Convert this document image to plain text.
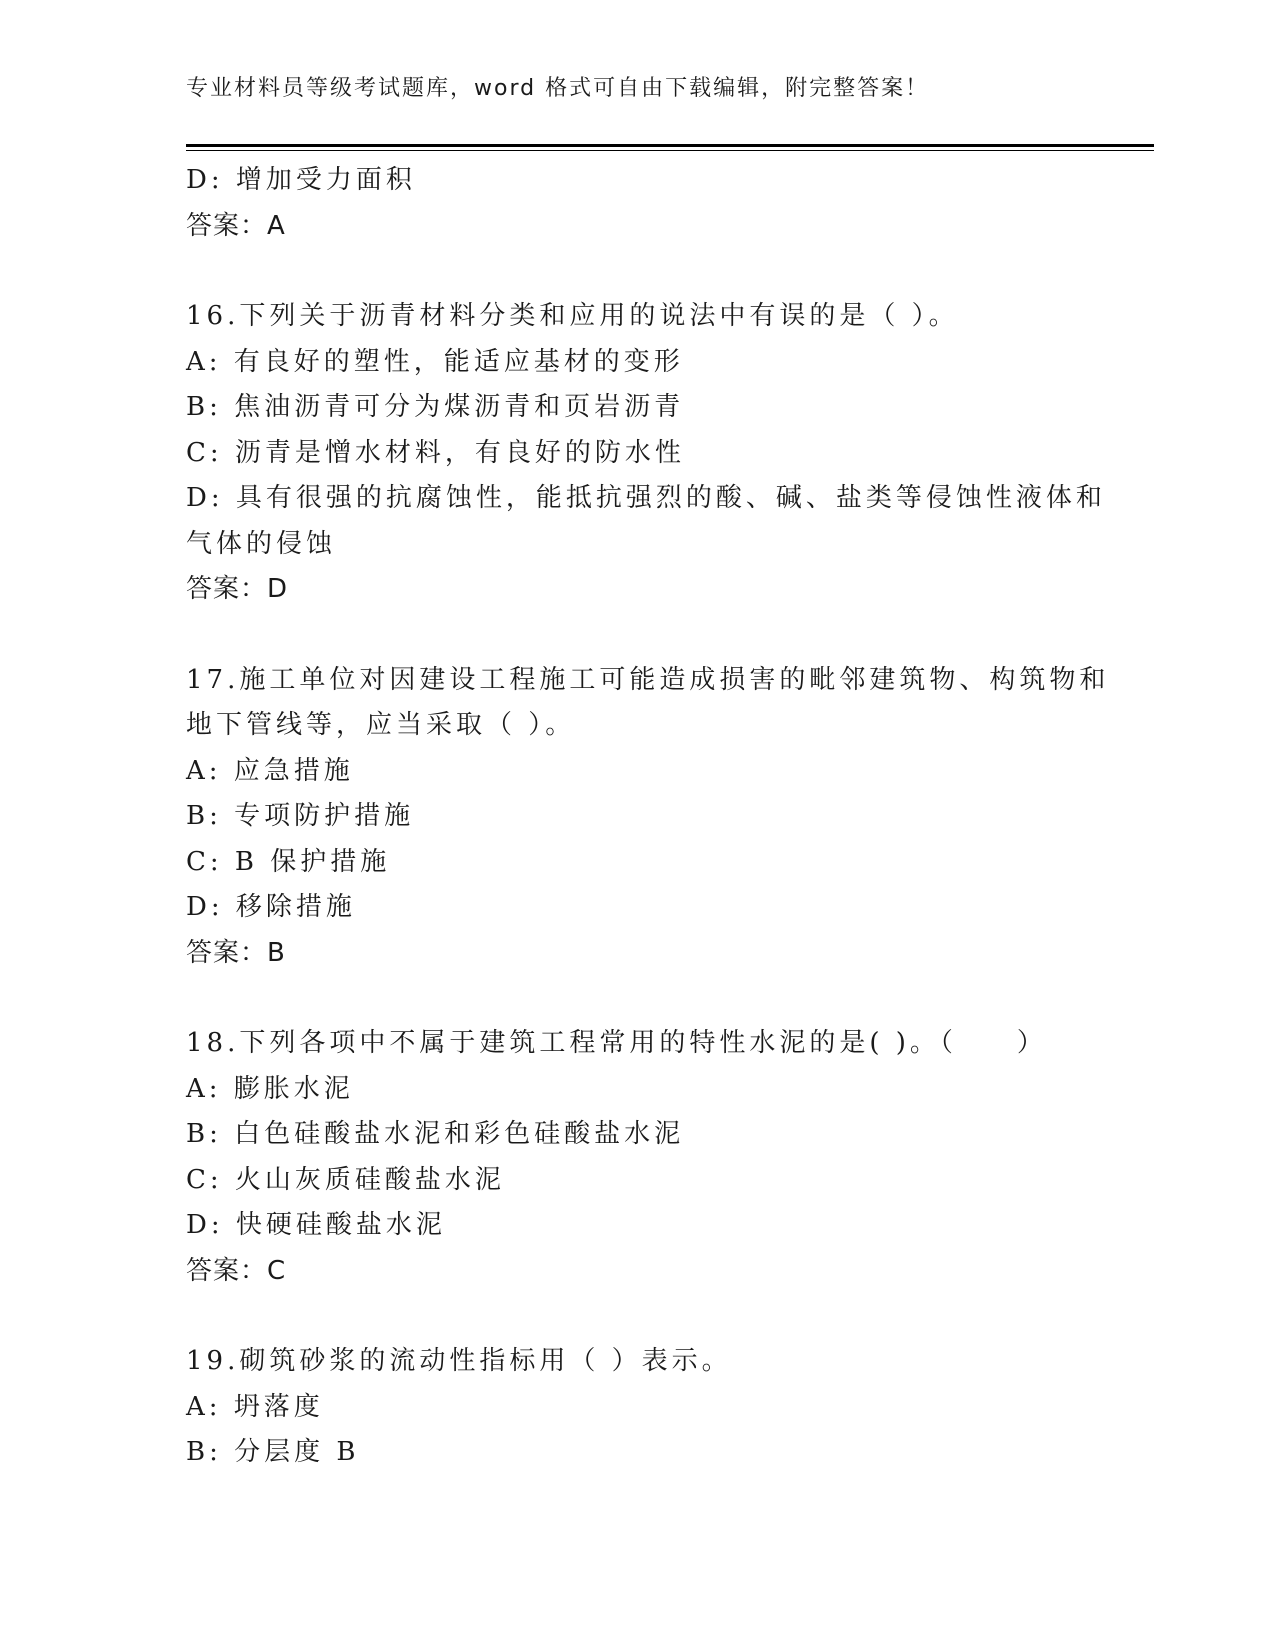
专业材料员等级考试题库，word 格式可自由下载编辑，附完整答案！
D: 增加受力面积
答案：A
16.下列关于沥青材料分类和应用的说法中有误的是（ ）。
A: 有良好的塑性，能适应基材的变形
B: 焦油沥青可分为煤沥青和页岩沥青
C: 沥青是憎水材料，有良好的防水性
D: 具有很强的抗腐蚀性，能抵抗强烈的酸、碱、盐类等侵蚀性液体和
气体的侵蚀
答案：D
17.施工单位对因建设工程施工可能造成损害的毗邻建筑物、构筑物和
地下管线等，应当采取（ ）。
A: 应急措施
B: 专项防护措施
C: B 保护措施
D: 移除措施
答案：B
18.下列各项中不属于建筑工程常用的特性水泥的是( )。（　　）
A: 膨胀水泥
B: 白色硅酸盐水泥和彩色硅酸盐水泥
C: 火山灰质硅酸盐水泥
D: 快硬硅酸盐水泥
答案：C
19.砌筑砂浆的流动性指标用（ ）表示。
A: 坍落度
B: 分层度 B
